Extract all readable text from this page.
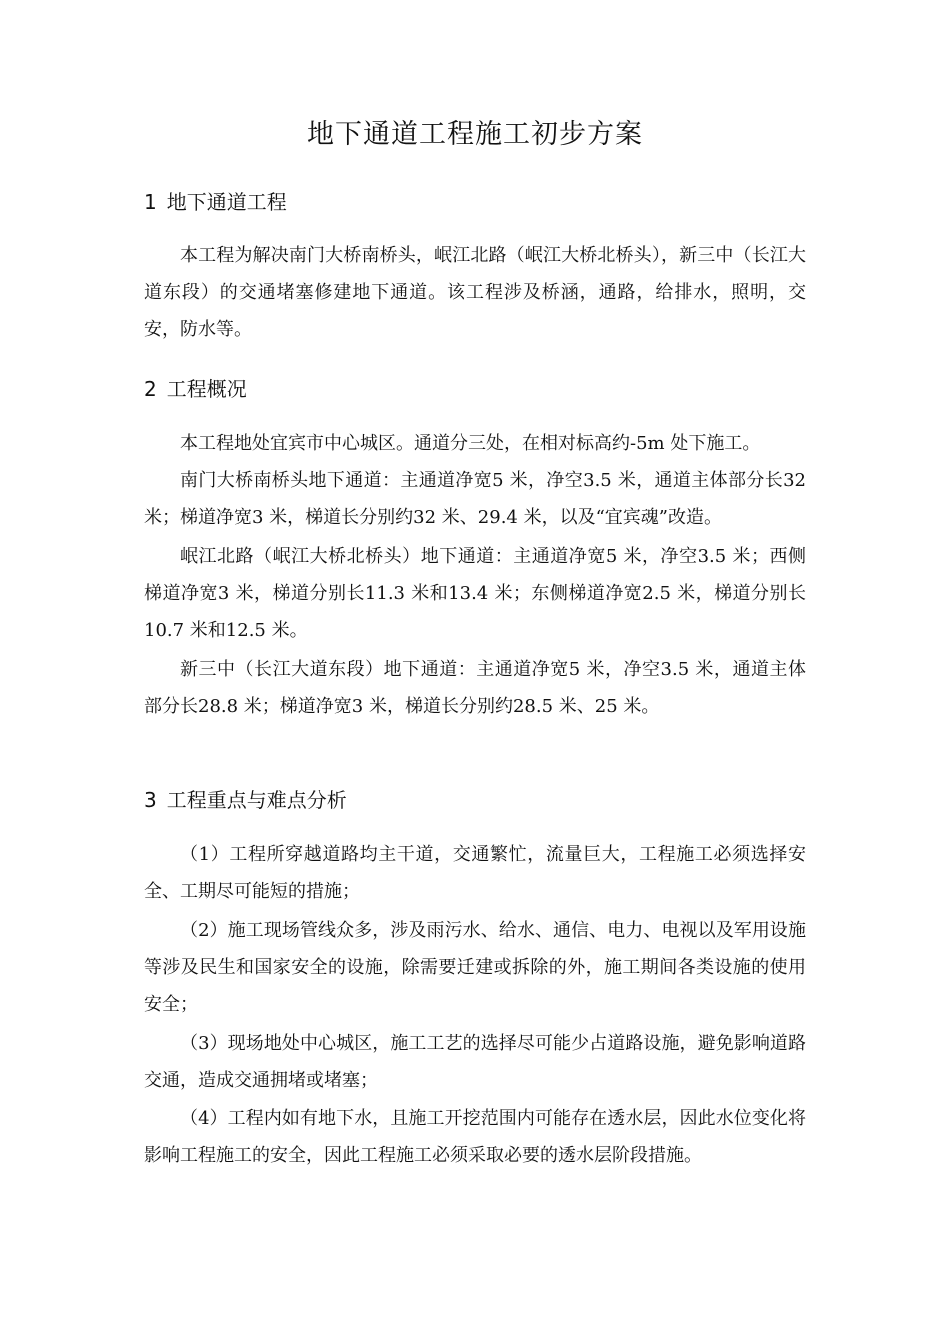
地下通道工程施工初步方案
1 地下通道工程

本工程为解决南门大桥南桥头，岷江北路（岷江大桥北桥头），新三中（长江大道东段）的交通堵塞修建地下通道。该工程涉及桥涵，通路，给排水，照明，交安，防水等。

2 工程概况

本工程地处宜宾市中心城区。通道分三处，在相对标高约-5m 处下施工。

南门大桥南桥头地下通道：主通道净宽5 米，净空3.5 米，通道主体部分长32 米；梯道净宽3 米，梯道长分别约32 米、29.4 米，以及“宜宾魂”改造。

岷江北路（岷江大桥北桥头）地下通道：主通道净宽5 米，净空3.5 米；西侧梯道净宽3 米，梯道分别长11.3 米和13.4 米；东侧梯道净宽2.5 米，梯道分别长10.7 米和12.5 米。

新三中（长江大道东段）地下通道：主通道净宽5 米，净空3.5 米，通道主体部分长28.8 米；梯道净宽3 米，梯道长分别约28.5 米、25 米。

3 工程重点与难点分析

（1）工程所穿越道路均主干道，交通繁忙，流量巨大，工程施工必须选择安全、工期尽可能短的措施；

（2）施工现场管线众多，涉及雨污水、给水、通信、电力、电视以及军用设施等涉及民生和国家安全的设施，除需要迁建或拆除的外，施工期间各类设施的使用安全；

（3）现场地处中心城区，施工工艺的选择尽可能少占道路设施，避免影响道路交通，造成交通拥堵或堵塞；

（4）工程内如有地下水，且施工开挖范围内可能存在透水层，因此水位变化将影响工程施工的安全，因此工程施工必须采取必要的透水层阶段措施。
